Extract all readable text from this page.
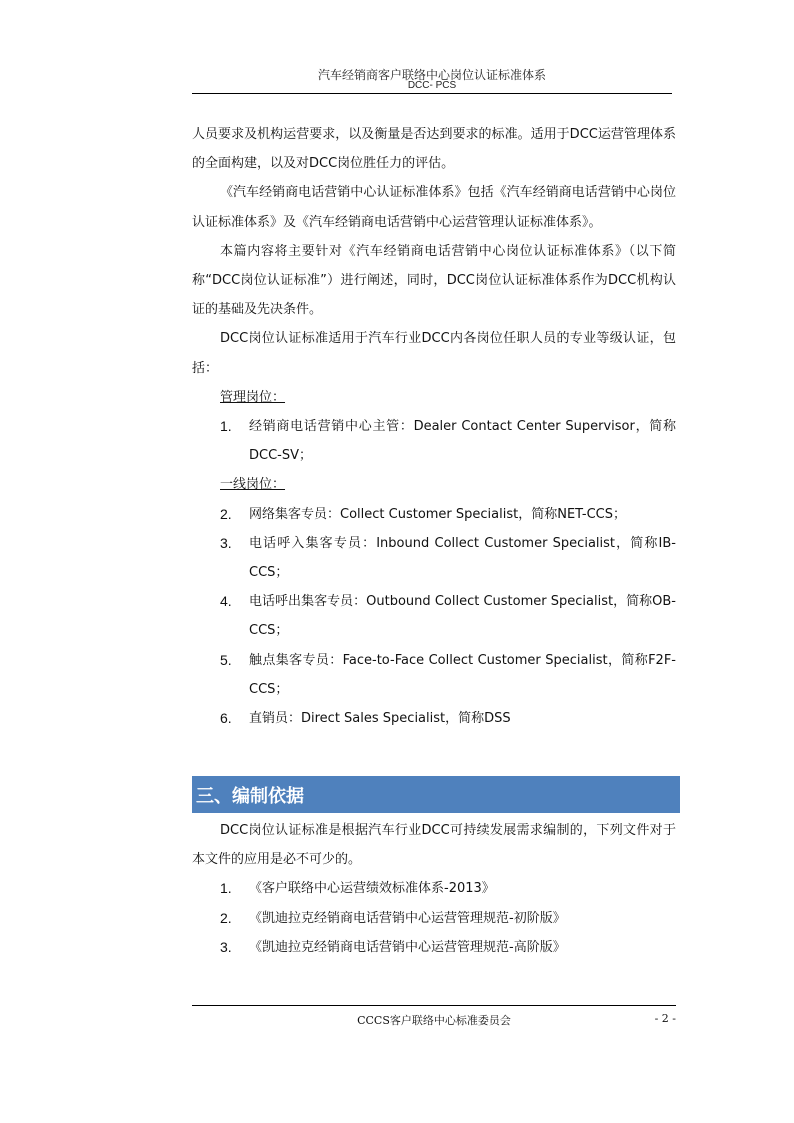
汽车经销商客户联络中心岗位认证标准体系
DCC- PCS

人员要求及机构运营要求，以及衡量是否达到要求的标准。适用于DCC运营管理体系的全面构建，以及对DCC岗位胜任力的评估。

《汽车经销商电话营销中心认证标准体系》包括《汽车经销商电话营销中心岗位认证标准体系》及《汽车经销商电话营销中心运营管理认证标准体系》。

本篇内容将主要针对《汽车经销商电话营销中心岗位认证标准体系》（以下简称“DCC岗位认证标准”）进行阐述，同时，DCC岗位认证标准体系作为DCC机构认证的基础及先决条件。

DCC岗位认证标准适用于汽车行业DCC内各岗位任职人员的专业等级认证，包括：

管理岗位：

1.	经销商电话营销中心主管：Dealer Contact Center Supervisor，简称DCC-SV；

一线岗位：

2.	网络集客专员：Collect Customer Specialist，简称NET-CCS；
3.	电话呼入集客专员：Inbound Collect Customer Specialist，简称IB-CCS；
4.	电话呼出集客专员：Outbound Collect Customer Specialist，简称OB-CCS；
5.	触点集客专员：Face-to-Face Collect Customer Specialist，简称F2F-CCS；
6.	直销员：Direct Sales Specialist，简称DSS
三、编制依据

DCC岗位认证标准是根据汽车行业DCC可持续发展需求编制的，下列文件对于本文件的应用是必不可少的。

1.	《客户联络中心运营绩效标准体系-2013》
2.	《凯迪拉克经销商电话营销中心运营管理规范-初阶版》
3.	《凯迪拉克经销商电话营销中心运营管理规范-高阶版》
CCCS客户联络中心标准委员会	- 2 -
